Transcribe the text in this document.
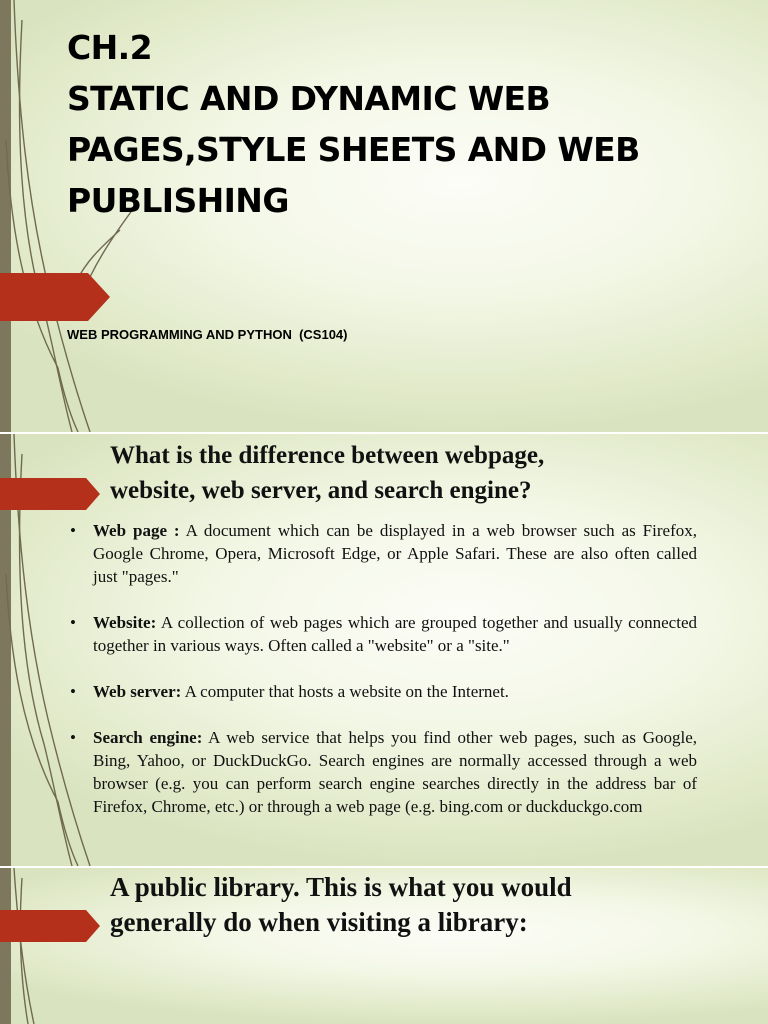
CH.2
STATIC AND DYNAMIC WEB
PAGES,STYLE SHEETS AND WEB
PUBLISHING
WEB PROGRAMMING AND PYTHON  (CS104)
What is the difference between webpage,
website, web server, and search engine?
• Web page : A document which can be displayed in a web browser such as Firefox, Google Chrome, Opera, Microsoft Edge, or Apple Safari. These are also often called just "pages."
• Website: A collection of web pages which are grouped together and usually connected together in various ways. Often called a "website" or a "site."
• Web server: A computer that hosts a website on the Internet.
• Search engine: A web service that helps you find other web pages, such as Google, Bing, Yahoo, or DuckDuckGo. Search engines are normally accessed through a web browser (e.g. you can perform search engine searches directly in the address bar of Firefox, Chrome, etc.) or through a web page (e.g. bing.com or duckduckgo.com
A public library. This is what you would
generally do when visiting a library:
